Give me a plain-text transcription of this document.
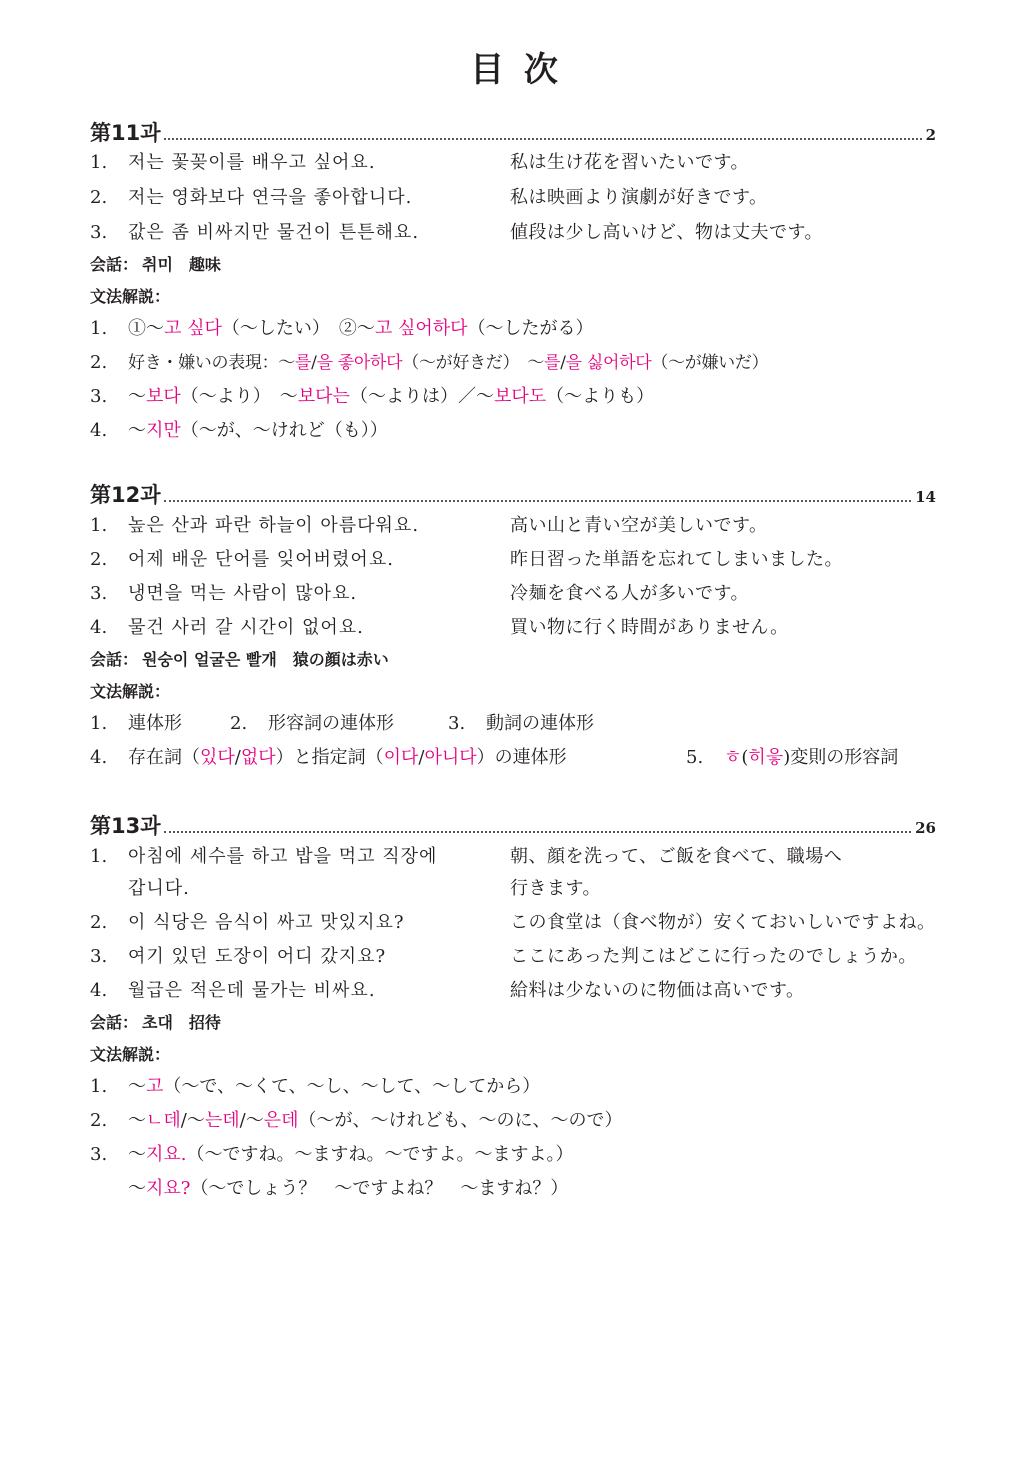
目 次
第11과	2
1. 저는 꽃꽂이를 배우고 싶어요.	私は生け花を習いたいです。
2. 저는 영화보다 연극을 좋아합니다.	私は映画より演劇が好きです。
3. 값은 좀 비싸지만 물건이 튼튼해요.	値段は少し高いけど、物は丈夫です。
会話： 취미　趣味
文法解説：
1. ①～고 싶다（～したい）　②～고 싶어하다（～したがる）
2. 好き・嫌いの表現：～를/을 좋아하다（～が好きだ）　～를/을 싫어하다（～が嫌いだ）
3. ～보다（～より）　～보다는（～よりは）／～보다도（～よりも）
4. ～지만（～が、～けれど（も））
第12과	14
1. 높은 산과 파란 하늘이 아름다워요.	高い山と青い空が美しいです。
2. 어제 배운 단어를 잊어버렸어요.	昨日習った単語を忘れてしまいました。
3. 냉면을 먹는 사람이 많아요.	冷麺を食べる人が多いです。
4. 물건 사러 갈 시간이 없어요.	買い物に行く時間がありません。
会話： 원숭이 얼굴은 빨개　猿の顔は赤い
文法解説：
1. 連体形	2. 形容詞の連体形	3. 動詞の連体形
4. 存在詞（있다/없다）と指定詞（이다/아니다）の連体形	5. ㅎ(히읗)変則の形容詞
第13과	26
1. 아침에 세수를 하고 밥을 먹고 직장에	朝、顔を洗って、ご飯を食べて、職場へ
갑니다.	行きます。
2. 이 식당은 음식이 싸고 맛있지요?	この食堂は（食べ物が）安くておいしいですよね。
3. 여기 있던 도장이 어디 갔지요?	ここにあった判こはどこに行ったのでしょうか。
4. 월급은 적은데 물가는 비싸요.	給料は少ないのに物価は高いです。
会話： 초대　招待
文法解説：
1. ～고（～で、～くて、～し、～して、～してから）
2. ～ㄴ데/～는데/～은데（～が、～けれども、～のに、～ので）
3. ～지요.（～ですね。～ますね。～ですよ。～ますよ。）
～지요?（～でしょう？　～ですよね？　～ますね？）
